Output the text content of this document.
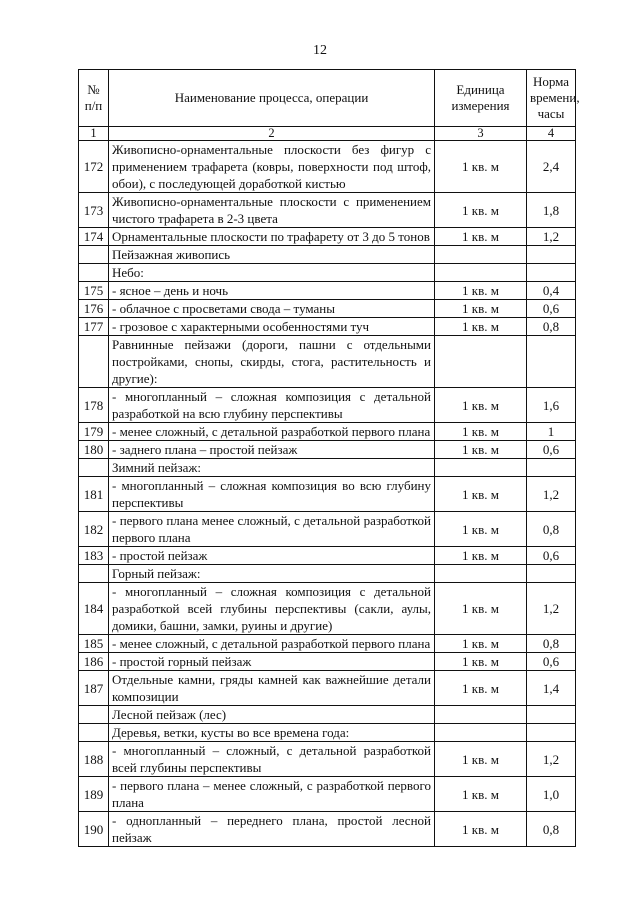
12
№ п/п	Наименование процесса, операции	Единица измерения	Норма времени, часы
1	2	3	4
172	Живописно-орнаментальные плоскости без фигур с применением трафарета (ковры, поверхности под штоф, обои), с последующей доработкой кистью	1 кв. м	2,4
173	Живописно-орнаментальные плоскости с применением чистого трафарета в 2-3 цвета	1 кв. м	1,8
174	Орнаментальные плоскости по трафарету от 3 до 5 тонов	1 кв. м	1,2
	Пейзажная живопись		
	Небо:		
175	- ясное – день и ночь	1 кв. м	0,4
176	- облачное с просветами свода – туманы	1 кв. м	0,6
177	- грозовое с характерными особенностями туч	1 кв. м	0,8
	Равнинные пейзажи (дороги, пашни с отдельными постройками, снопы, скирды, стога, растительность и другие):		
178	- многопланный – сложная композиция с детальной разработкой на всю глубину перспективы	1 кв. м	1,6
179	- менее сложный, с детальной разработкой первого плана	1 кв. м	1
180	- заднего плана – простой пейзаж	1 кв. м	0,6
	Зимний пейзаж:		
181	- многопланный – сложная композиция во всю глубину перспективы	1 кв. м	1,2
182	- первого плана менее сложный, с детальной разработкой первого плана	1 кв. м	0,8
183	- простой пейзаж	1 кв. м	0,6
	Горный пейзаж:		
184	- многопланный – сложная композиция с детальной разработкой всей глубины перспективы (сакли, аулы, домики, башни, замки, руины и другие)	1 кв. м	1,2
185	- менее сложный, с детальной разработкой первого плана	1 кв. м	0,8
186	- простой горный пейзаж	1 кв. м	0,6
187	Отдельные камни, гряды камней как важнейшие детали композиции	1 кв. м	1,4
	Лесной пейзаж (лес)		
	Деревья, ветки, кусты во все времена года:		
188	- многопланный – сложный, с детальной разработкой всей глубины перспективы	1 кв. м	1,2
189	- первого плана – менее сложный, с разработкой первого плана	1 кв. м	1,0
190	- однопланный – переднего плана, простой лесной пейзаж	1 кв. м	0,8
